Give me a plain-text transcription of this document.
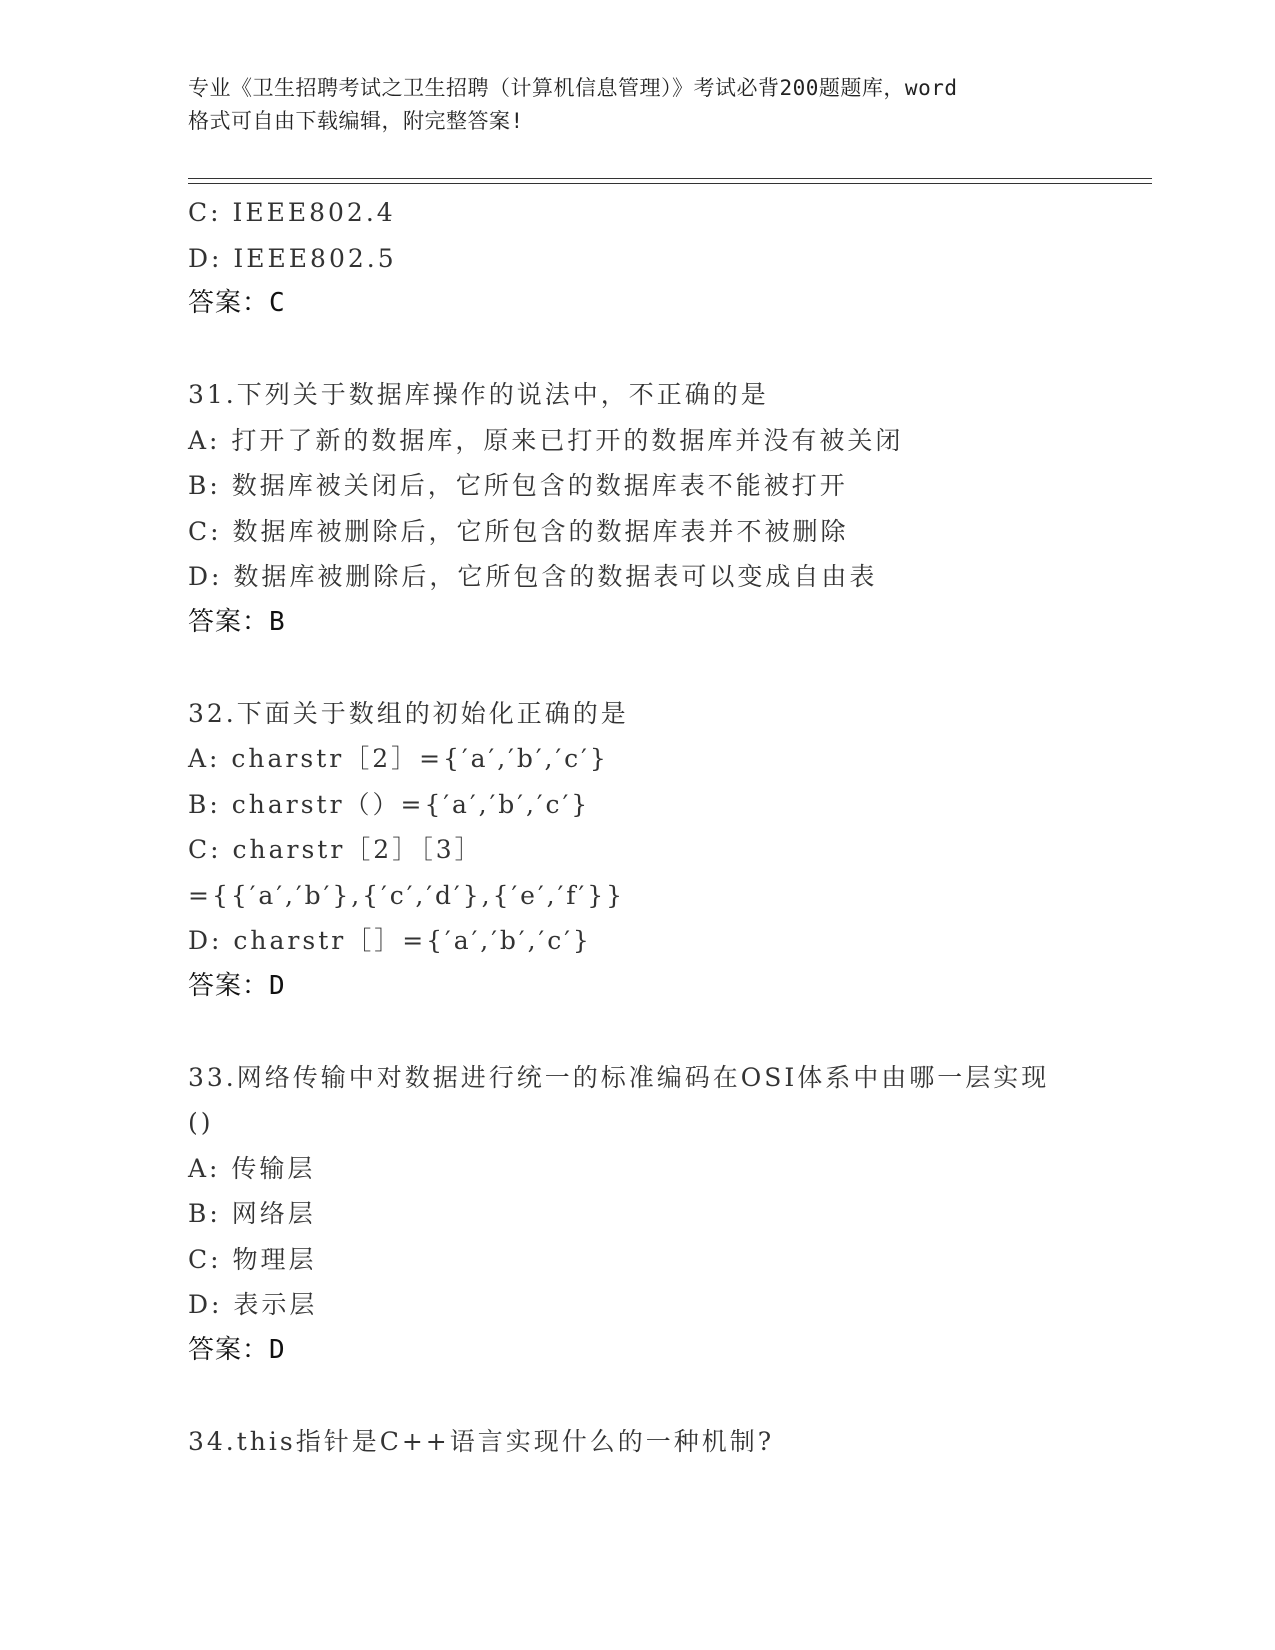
专业《卫生招聘考试之卫生招聘（计算机信息管理）》考试必背200题题库，word
格式可自由下载编辑，附完整答案!
C: IEEE802.4
D: IEEE802.5
答案：C
31.下列关于数据库操作的说法中，不正确的是
A: 打开了新的数据库，原来已打开的数据库并没有被关闭
B: 数据库被关闭后，它所包含的数据库表不能被打开
C: 数据库被删除后，它所包含的数据库表并不被删除
D: 数据库被删除后，它所包含的数据表可以变成自由表
答案：B
32.下面关于数组的初始化正确的是
A: charstr［2］={′a′,′b′,′c′}
B: charstr（）={′a′,′b′,′c′}
C: charstr［2］［3］
={{′a′,′b′},{′c′,′d′},{′e′,′f′}}
D: charstr［］={′a′,′b′,′c′}
答案：D
33.网络传输中对数据进行统一的标准编码在OSI体系中由哪一层实现
()
A: 传输层
B: 网络层
C: 物理层
D: 表示层
答案：D
34.this指针是C++语言实现什么的一种机制?
